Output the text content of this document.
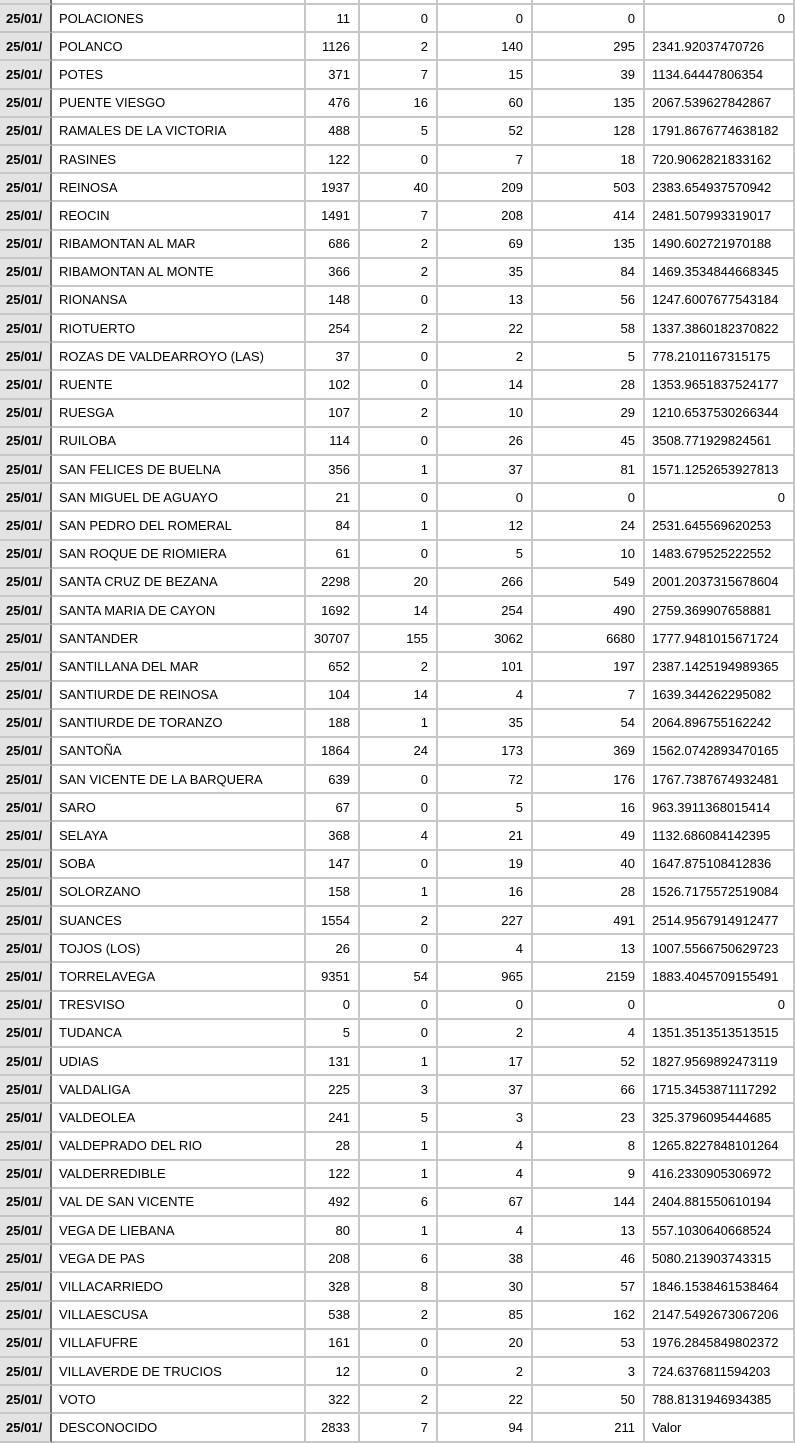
25/01/	POLACIONES	11	0	0	0	0
25/01/	POLANCO	1126	2	140	295	2341.92037470726
25/01/	POTES	371	7	15	39	1134.64447806354
25/01/	PUENTE VIESGO	476	16	60	135	2067.539627842867
25/01/	RAMALES DE LA VICTORIA	488	5	52	128	1791.8676774638182
25/01/	RASINES	122	0	7	18	720.9062821833162
25/01/	REINOSA	1937	40	209	503	2383.654937570942
25/01/	REOCIN	1491	7	208	414	2481.507993319017
25/01/	RIBAMONTAN AL MAR	686	2	69	135	1490.602721970188
25/01/	RIBAMONTAN AL MONTE	366	2	35	84	1469.3534844668345
25/01/	RIONANSA	148	0	13	56	1247.6007677543184
25/01/	RIOTUERTO	254	2	22	58	1337.3860182370822
25/01/	ROZAS DE VALDEARROYO (LAS)	37	0	2	5	778.2101167315175
25/01/	RUENTE	102	0	14	28	1353.9651837524177
25/01/	RUESGA	107	2	10	29	1210.6537530266344
25/01/	RUILOBA	114	0	26	45	3508.771929824561
25/01/	SAN FELICES DE BUELNA	356	1	37	81	1571.1252653927813
25/01/	SAN MIGUEL DE AGUAYO	21	0	0	0	0
25/01/	SAN PEDRO DEL ROMERAL	84	1	12	24	2531.645569620253
25/01/	SAN ROQUE DE RIOMIERA	61	0	5	10	1483.679525222552
25/01/	SANTA CRUZ DE BEZANA	2298	20	266	549	2001.2037315678604
25/01/	SANTA MARIA DE CAYON	1692	14	254	490	2759.369907658881
25/01/	SANTANDER	30707	155	3062	6680	1777.9481015671724
25/01/	SANTILLANA DEL MAR	652	2	101	197	2387.1425194989365
25/01/	SANTIURDE DE REINOSA	104	14	4	7	1639.344262295082
25/01/	SANTIURDE DE TORANZO	188	1	35	54	2064.896755162242
25/01/	SANTOÑA	1864	24	173	369	1562.0742893470165
25/01/	SAN VICENTE DE LA BARQUERA	639	0	72	176	1767.7387674932481
25/01/	SARO	67	0	5	16	963.3911368015414
25/01/	SELAYA	368	4	21	49	1132.686084142395
25/01/	SOBA	147	0	19	40	1647.875108412836
25/01/	SOLORZANO	158	1	16	28	1526.7175572519084
25/01/	SUANCES	1554	2	227	491	2514.9567914912477
25/01/	TOJOS (LOS)	26	0	4	13	1007.5566750629723
25/01/	TORRELAVEGA	9351	54	965	2159	1883.4045709155491
25/01/	TRESVISO	0	0	0	0	0
25/01/	TUDANCA	5	0	2	4	1351.3513513513515
25/01/	UDIAS	131	1	17	52	1827.9569892473119
25/01/	VALDALIGA	225	3	37	66	1715.3453871117292
25/01/	VALDEOLEA	241	5	3	23	325.3796095444685
25/01/	VALDEPRADO DEL RIO	28	1	4	8	1265.8227848101264
25/01/	VALDERREDIBLE	122	1	4	9	416.2330905306972
25/01/	VAL DE SAN VICENTE	492	6	67	144	2404.881550610194
25/01/	VEGA DE LIEBANA	80	1	4	13	557.1030640668524
25/01/	VEGA DE PAS	208	6	38	46	5080.213903743315
25/01/	VILLACARRIEDO	328	8	30	57	1846.1538461538464
25/01/	VILLAESCUSA	538	2	85	162	2147.5492673067206
25/01/	VILLAFUFRE	161	0	20	53	1976.2845849802372
25/01/	VILLAVERDE DE TRUCIOS	12	0	2	3	724.6376811594203
25/01/	VOTO	322	2	22	50	788.8131946934385
25/01/	DESCONOCIDO	2833	7	94	211	Valor
